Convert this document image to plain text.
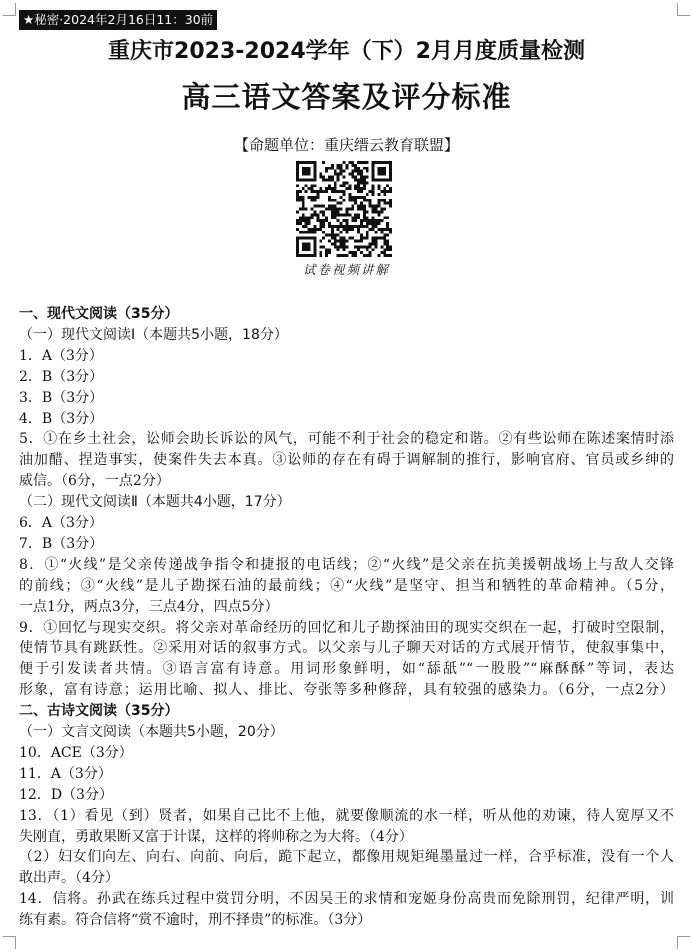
★秘密·2024年2月16日11：30前
重庆市2023-2024学年（下）2月月度质量检测
高三语文答案及评分标准
【命题单位：重庆缙云教育联盟】
试卷视频讲解
一、现代文阅读（35分）
（一）现代文阅读Ⅰ（本题共5小题，18分）
1．A（3分）
2．B（3分）
3．B（3分）
4．B（3分）
5．①在乡土社会，讼师会助长诉讼的风气，可能不利于社会的稳定和谐。②有些讼师在陈述案情时添
油加醋、捏造事实，使案件失去本真。③讼师的存在有碍于调解制的推行，影响官府、官员或乡绅的
威信。（6分，一点2分）
（二）现代文阅读Ⅱ（本题共4小题，17分）
6．A（3分）
7．B（3分）
8．①“火线”是父亲传递战争指令和捷报的电话线；②“火线”是父亲在抗美援朝战场上与敌人交锋
的前线；③“火线”是儿子勘探石油的最前线；④“火线”是坚守、担当和牺牲的革命精神。（5分，
一点1分，两点3分，三点4分，四点5分）
9．①回忆与现实交织。将父亲对革命经历的回忆和儿子勘探油田的现实交织在一起，打破时空限制，
使情节具有跳跃性。②采用对话的叙事方式。以父亲与儿子聊天对话的方式展开情节，使叙事集中，
便于引发读者共情。③语言富有诗意。用词形象鲜明，如“舔舐”“一股股”“麻酥酥”等词，表达
形象，富有诗意；运用比喻、拟人、排比、夸张等多种修辞，具有较强的感染力。（6分，一点2分）
二、古诗文阅读（35分）
（一）文言文阅读（本题共5小题，20分）
10．ACE（3分）
11．A（3分）
12．D（3分）
13．（1）看见（到）贤者，如果自己比不上他，就要像顺流的水一样，听从他的劝谏，待人宽厚又不
失刚直，勇敢果断又富于计谋，这样的将帅称之为大将。（4分）
（2）妇女们向左、向右、向前、向后，跪下起立，都像用规矩绳墨量过一样，合乎标准，没有一个人
敢出声。（4分）
14．信将。孙武在练兵过程中赏罚分明，不因吴王的求情和宠姬身份高贵而免除刑罚，纪律严明，训
练有素。符合信将“赏不逾时，刑不择贵”的标准。（3分）
